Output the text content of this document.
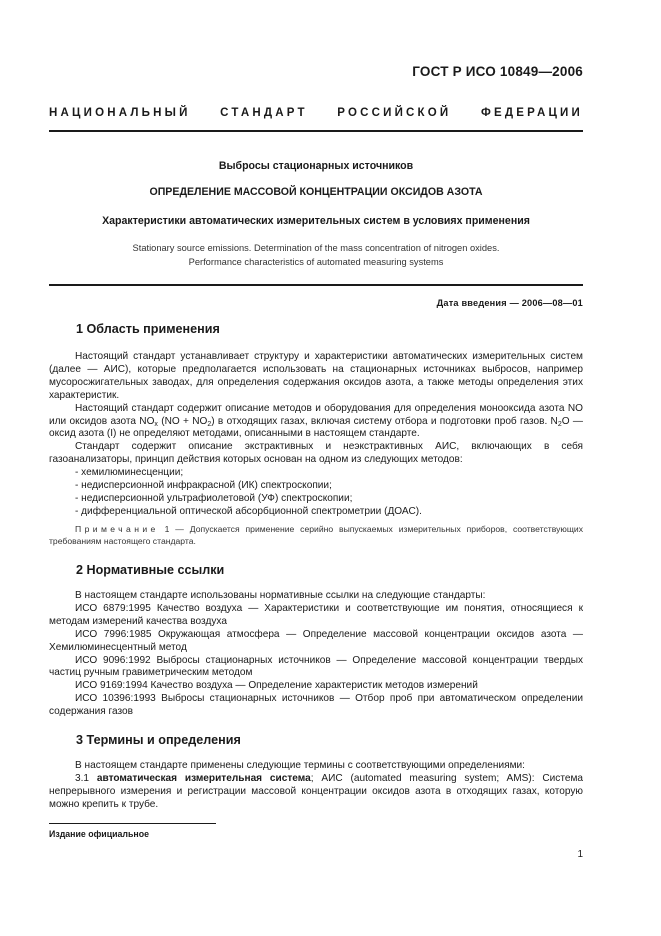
ГОСТ Р ИСО 10849—2006
НАЦИОНАЛЬНЫЙ СТАНДАРТ РОССИЙСКОЙ ФЕДЕРАЦИИ
Выбросы стационарных источников
ОПРЕДЕЛЕНИЕ МАССОВОЙ КОНЦЕНТРАЦИИ ОКСИДОВ АЗОТА
Характеристики автоматических измерительных систем в условиях применения
Stationary source emissions. Determination of the mass concentration of nitrogen oxides.
Performance characteristics of automated measuring systems
Дата введения — 2006—08—01
1 Область применения

Настоящий стандарт устанавливает структуру и характеристики автоматических измерительных систем (далее — АИС), которые предполагается использовать на стационарных источниках выбросов, например мусоросжигательных заводах, для определения содержания оксидов азота, а также методы определения этих характеристик.

Настоящий стандарт содержит описание методов и оборудования для определения монооксида азота NO или оксидов азота $NO_x$ $(NO + NO_2)$ в отходящих газах, включая систему отбора и подготовки проб газов. $N_2O$ — оксид азота (I) не определяют методами, описанными в настоящем стандарте.

Стандарт содержит описание экстрактивных и неэкстрактивных АИС, включающих в себя газоанализаторы, принцип действия которых основан на одном из следующих методов:

- хемилюминесценции;

- недисперсионной инфракрасной (ИК) спектроскопии;

- недисперсионной ультрафиолетовой (УФ) спектроскопии;

- дифференциальной оптической абсорбционной спектрометрии (ДОАС).

Примечание 1 — Допускается применение серийно выпускаемых измерительных приборов, соответствующих требованиям настоящего стандарта.

2 Нормативные ссылки

В настоящем стандарте использованы нормативные ссылки на следующие стандарты:

ИСО 6879:1995 Качество воздуха — Характеристики и соответствующие им понятия, относящиеся к методам измерений качества воздуха

ИСО 7996:1985 Окружающая атмосфера — Определение массовой концентрации оксидов азота — Хемилюминесцентный метод

ИСО 9096:1992 Выбросы стационарных источников — Определение массовой концентрации твердых частиц ручным гравиметрическим методом

ИСО 9169:1994 Качество воздуха — Определение характеристик методов измерений

ИСО 10396:1993 Выбросы стационарных источников — Отбор проб при автоматическом определении содержания газов

3 Термины и определения

В настоящем стандарте применены следующие термины с соответствующими определениями:

3.1 автоматическая измерительная система; АИС (automated measuring system; AMS): Система непрерывного измерения и регистрации массовой концентрации оксидов азота в отходящих газах, которую можно крепить к трубе.

Издание официальное
1
